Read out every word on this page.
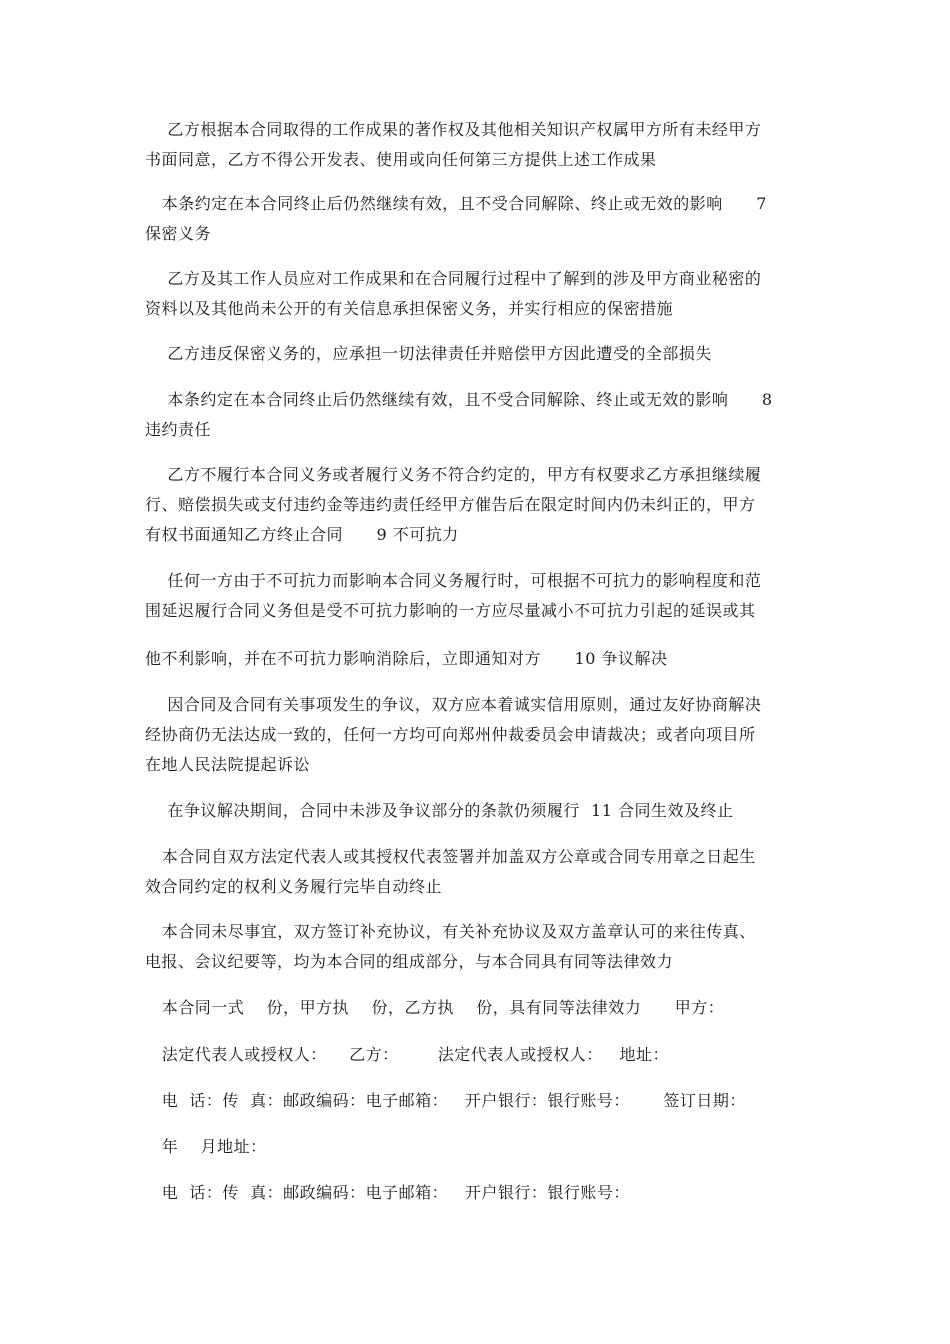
乙方根据本合同取得的工作成果的著作权及其他相关知识产权属甲方所有未经甲方
书面同意，乙方不得公开发表、使用或向任何第三方提供上述工作成果

本条约定在本合同终止后仍然继续有效，且不受合同解除、终止或无效的影响      7
保密义务

乙方及其工作人员应对工作成果和在合同履行过程中了解到的涉及甲方商业秘密的
资料以及其他尚未公开的有关信息承担保密义务，并实行相应的保密措施

乙方违反保密义务的，应承担一切法律责任并赔偿甲方因此遭受的全部损失

本条约定在本合同终止后仍然继续有效，且不受合同解除、终止或无效的影响      8
违约责任

乙方不履行本合同义务或者履行义务不符合约定的，甲方有权要求乙方承担继续履
行、赔偿损失或支付违约金等违约责任经甲方催告后在限定时间内仍未纠正的，甲方
有权书面通知乙方终止合同      9 不可抗力

任何一方由于不可抗力而影响本合同义务履行时，可根据不可抗力的影响程度和范
围延迟履行合同义务但是受不可抗力影响的一方应尽量减小不可抗力引起的延误或其

他不利影响，并在不可抗力影响消除后，立即通知对方      10 争议解决

因合同及合同有关事项发生的争议，双方应本着诚实信用原则，通过友好协商解决
经协商仍无法达成一致的，任何一方均可向郑州仲裁委员会申请裁决；或者向项目所
在地人民法院提起诉讼

在争议解决期间，合同中未涉及争议部分的条款仍须履行  11 合同生效及终止

本合同自双方法定代表人或其授权代表签署并加盖双方公章或合同专用章之日起生
效合同约定的权利义务履行完毕自动终止

本合同未尽事宜，双方签订补充协议，有关补充协议及双方盖章认可的来往传真、
电报、会议纪要等，均为本合同的组成部分，与本合同具有同等法律效力

本合同一式    份，甲方执    份，乙方执    份，具有同等法律效力      甲方：

法定代表人或授权人：    乙方：       法定代表人或授权人：   地址：

电  话：传  真：邮政编码：电子邮箱：   开户银行：银行账号：      签订日期：

年    月地址：

电  话：传  真：邮政编码：电子邮箱：   开户银行：银行账号：
